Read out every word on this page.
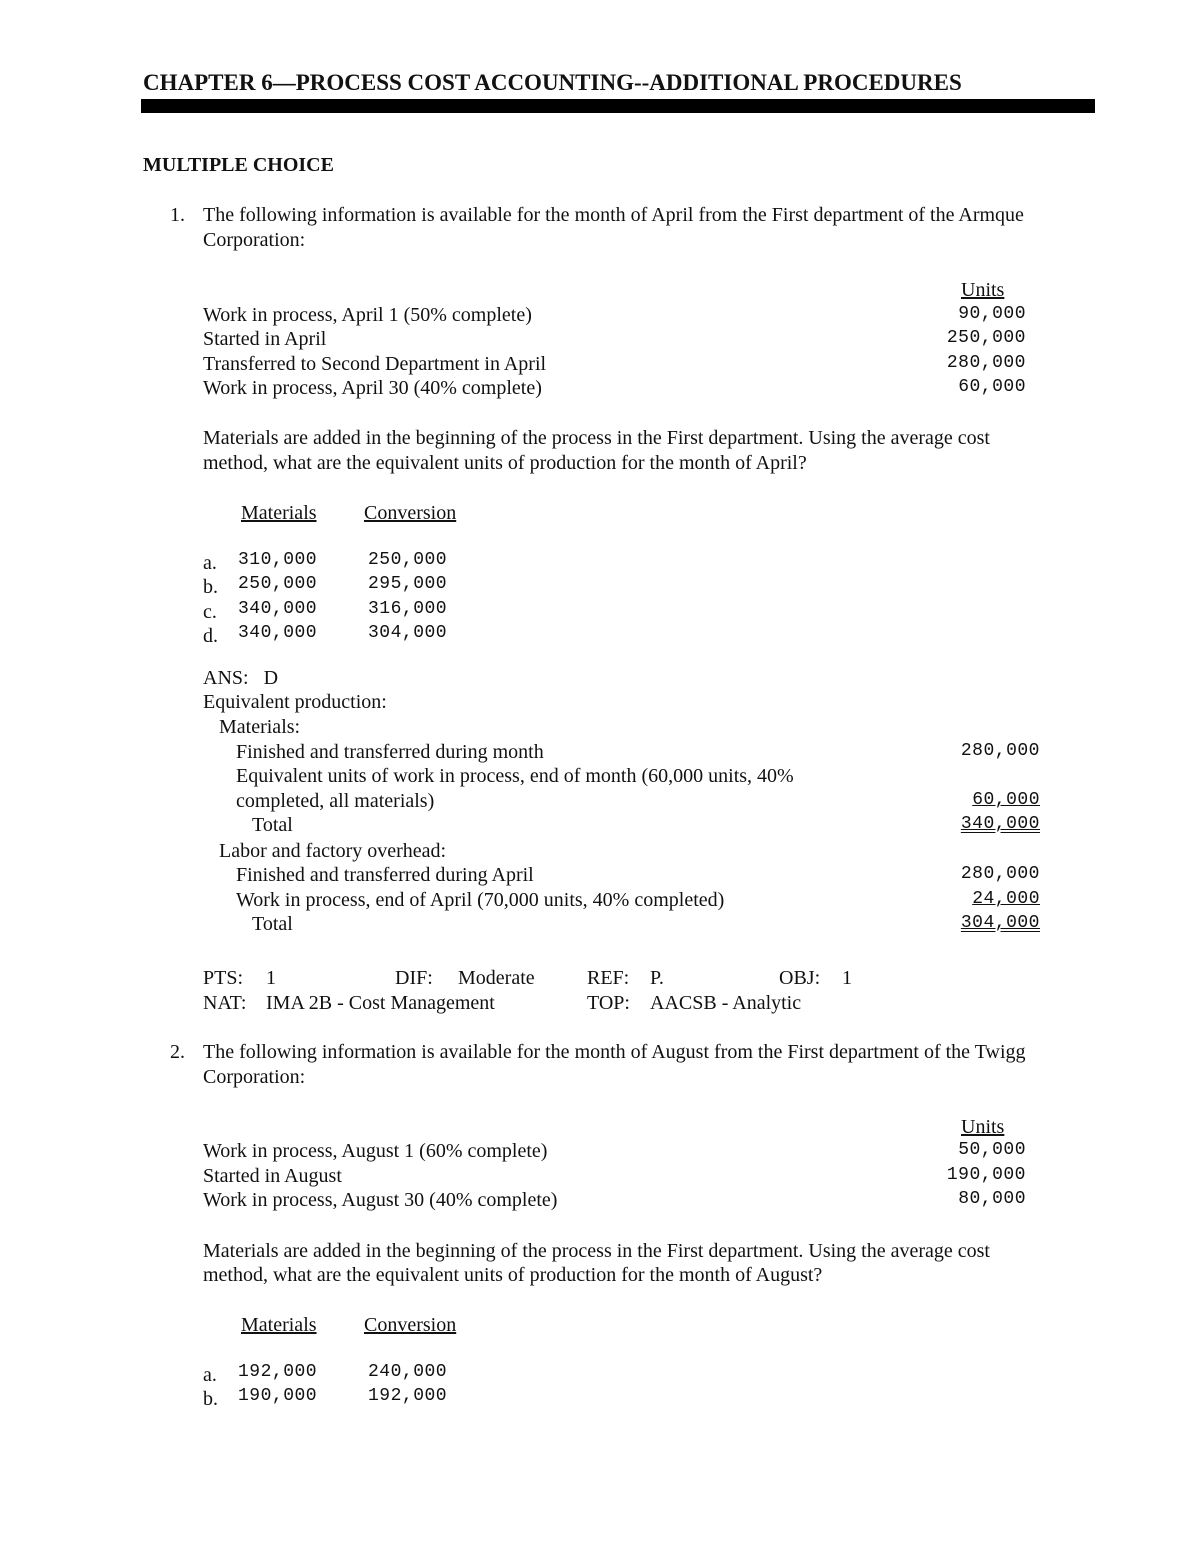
CHAPTER 6—PROCESS COST ACCOUNTING--ADDITIONAL PROCEDURES
MULTIPLE CHOICE
1. The following information is available for the month of April from the First department of the Armque
Corporation:
Units
Work in process, April 1 (50% complete)	90,000
Started in April	250,000
Transferred to Second Department in April	280,000
Work in process, April 30 (40% complete)	60,000
Materials are added in the beginning of the process in the First department. Using the average cost
method, what are the equivalent units of production for the month of April?
Materials Conversion
a. 310,000	250,000
b. 250,000	295,000
c. 340,000	316,000
d. 340,000	304,000
ANS:   D
Equivalent production:
Materials:
Finished and transferred during month	280,000
Equivalent units of work in process, end of month (60,000 units, 40%
completed, all materials)	60,000
Total	340,000
Labor and factory overhead:
Finished and transferred during April	280,000
Work in process, end of April (70,000 units, 40% completed)	24,000
Total	304,000
PTS: 1	DIF: Moderate	REF: P.	OBJ: 1
NAT: IMA 2B - Cost Management	TOP: AACSB - Analytic
2. The following information is available for the month of August from the First department of the Twigg
Corporation:
Units
Work in process, August 1 (60% complete)	50,000
Started in August	190,000
Work in process, August 30 (40% complete)	80,000
Materials are added in the beginning of the process in the First department. Using the average cost
method, what are the equivalent units of production for the month of August?
Materials Conversion
a. 192,000	240,000
b. 190,000	192,000
